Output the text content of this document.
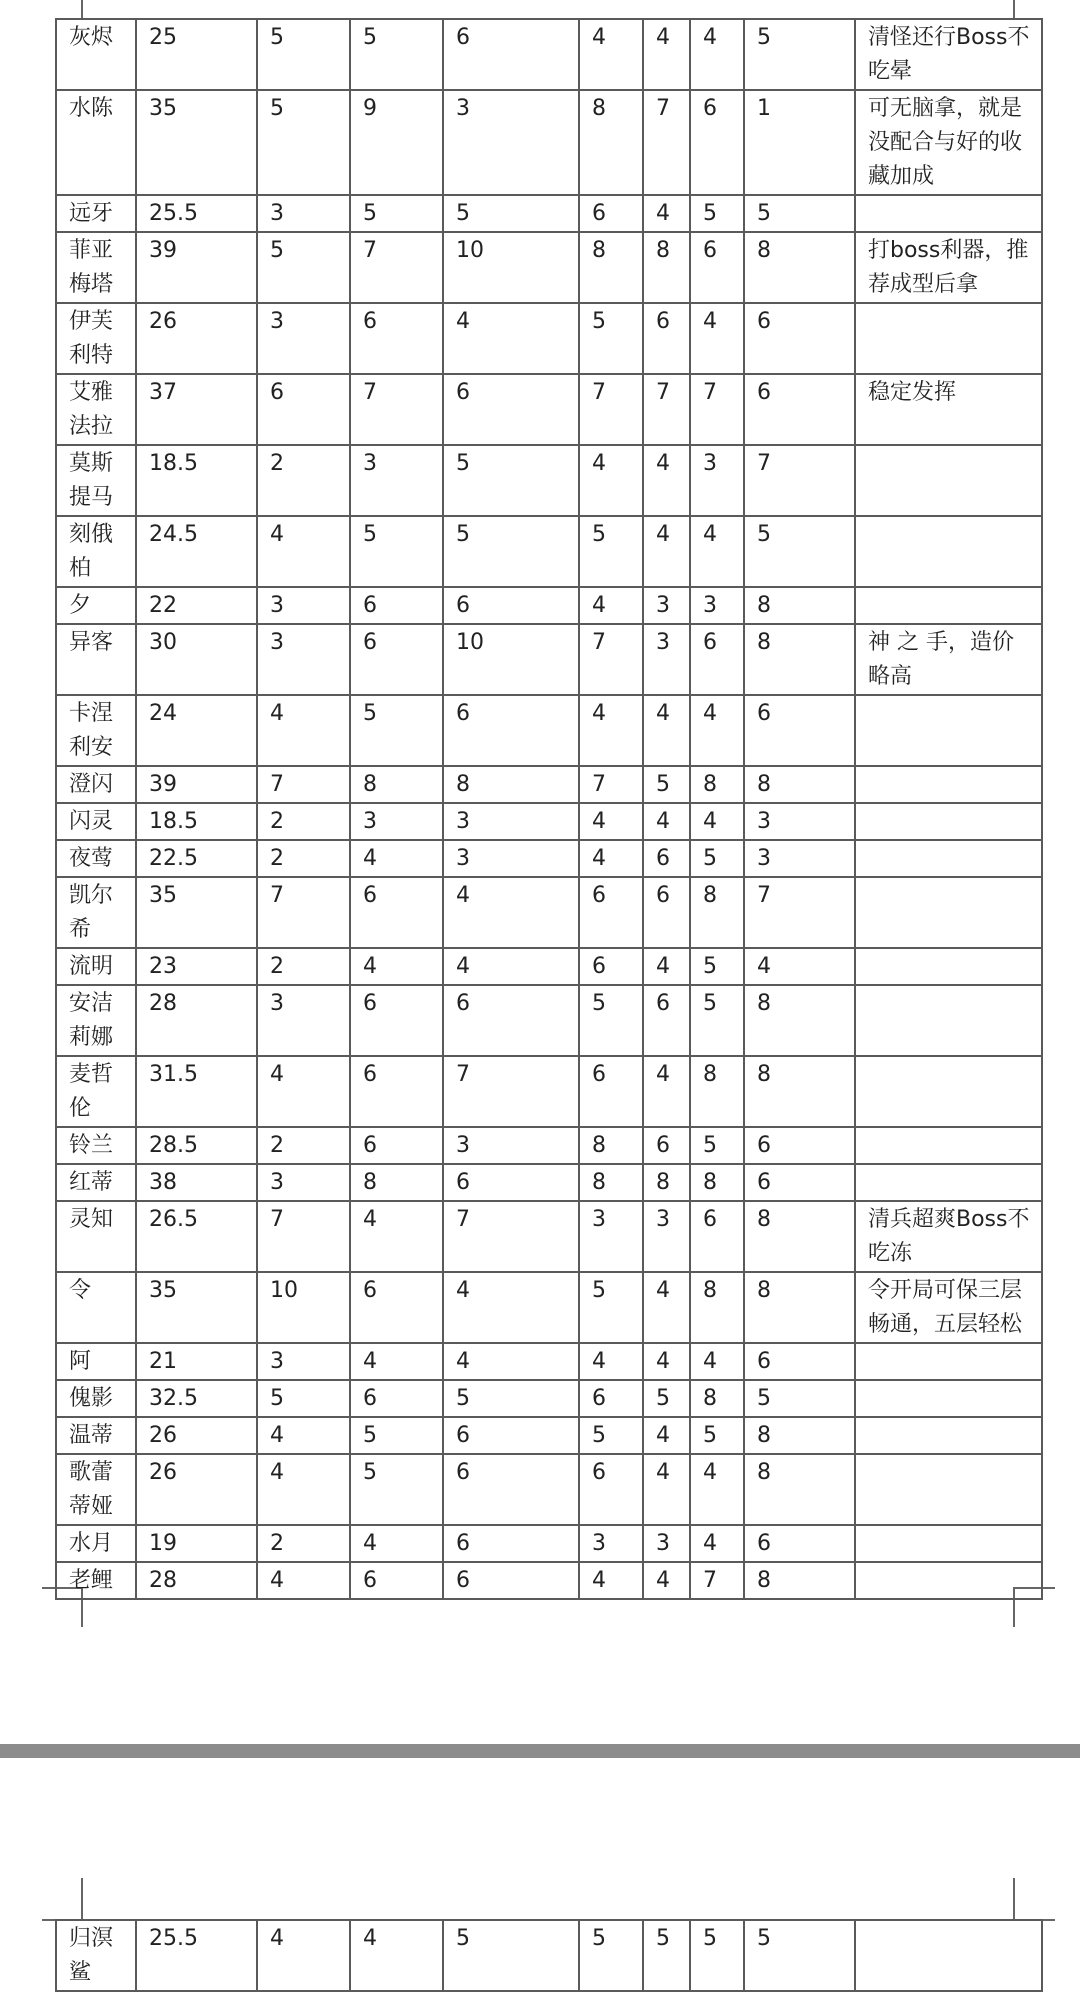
灰烬	25	5	5	6	4	4	4	5	清怪还行Boss不吃晕
水陈	35	5	9	3	8	7	6	1	可无脑拿，就是没配合与好的收藏加成
远牙	25.5	3	5	5	6	4	5	5	
菲亚梅塔	39	5	7	10	8	8	6	8	打boss利器，推荐成型后拿
伊芙利特	26	3	6	4	5	6	4	6	
艾雅法拉	37	6	7	6	7	7	7	6	稳定发挥
莫斯提马	18.5	2	3	5	4	4	3	7	
刻俄柏	24.5	4	5	5	5	4	4	5	
夕	22	3	6	6	4	3	3	8	
异客	30	3	6	10	7	3	6	8	神 之 手，造价略高
卡涅利安	24	4	5	6	4	4	4	6	
澄闪	39	7	8	8	7	5	8	8	
闪灵	18.5	2	3	3	4	4	4	3	
夜莺	22.5	2	4	3	4	6	5	3	
凯尔希	35	7	6	4	6	6	8	7	
流明	23	2	4	4	6	4	5	4	
安洁莉娜	28	3	6	6	5	6	5	8	
麦哲伦	31.5	4	6	7	6	4	8	8	
铃兰	28.5	2	6	3	8	6	5	6	
红蒂	38	3	8	6	8	8	8	6	
灵知	26.5	7	4	7	3	3	6	8	清兵超爽Boss不吃冻
令	35	10	6	4	5	4	8	8	令开局可保三层畅通，五层轻松
阿	21	3	4	4	4	4	4	6	
傀影	32.5	5	6	5	6	5	8	5	
温蒂	26	4	5	6	5	4	5	8	
歌蕾蒂娅	26	4	5	6	6	4	4	8	
水月	19	2	4	6	3	3	4	6	
老鲤	28	4	6	6	4	4	7	8	
归溟鲨	25.5	4	4	5	5	5	5	5	
